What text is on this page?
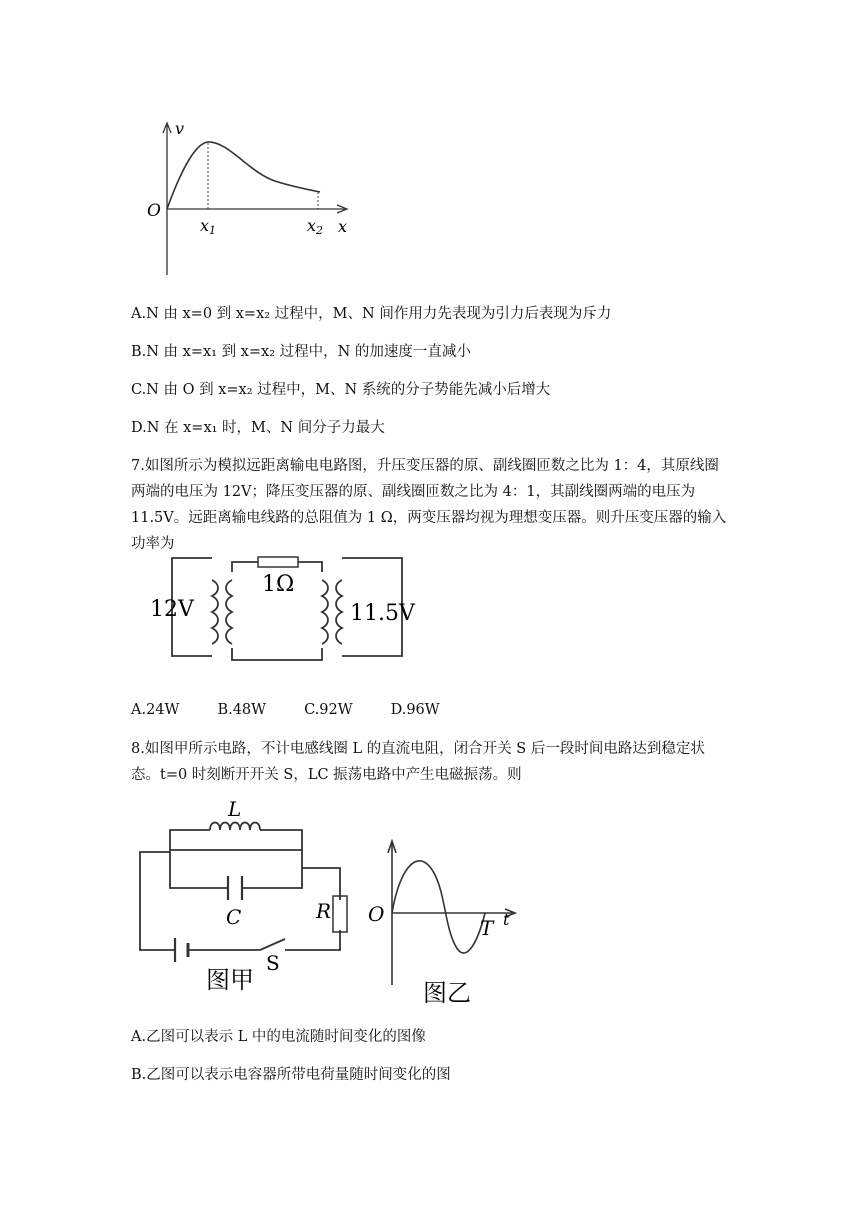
v
O
x1	x2 x
A.N 由 x=0 到 x=x₂ 过程中，M、N 间作用力先表现为引力后表现为斥力
B.N 由 x=x₁ 到 x=x₂ 过程中，N 的加速度一直减小
C.N 由 O 到 x=x₂ 过程中，M、N 系统的分子势能先减小后增大
D.N 在 x=x₁ 时，M、N 间分子力最大
7.如图所示为模拟远距离输电电路图，升压变压器的原、副线圈匝数之比为 1：4，其原线圈两端的电压为 12V；降压变压器的原、副线圈匝数之比为 4：1，其副线圈两端的电压为 11.5V。远距离输电线路的总阻值为 1 Ω，两变压器均视为理想变压器。则升压变压器的输入功率为
12V
1Ω
11.5V
A.24W	B.48W	C.92W	D.96W
8.如图甲所示电路，不计电感线圈 L 的直流电阻，闭合开关 S 后一段时间电路达到稳定状态。t=0 时刻断开开关 S，LC 振荡电路中产生电磁振荡。则
L
C	R
S
图甲
O
T t
图乙
A.乙图可以表示 L 中的电流随时间变化的图像
B.乙图可以表示电容器所带电荷量随时间变化的图
